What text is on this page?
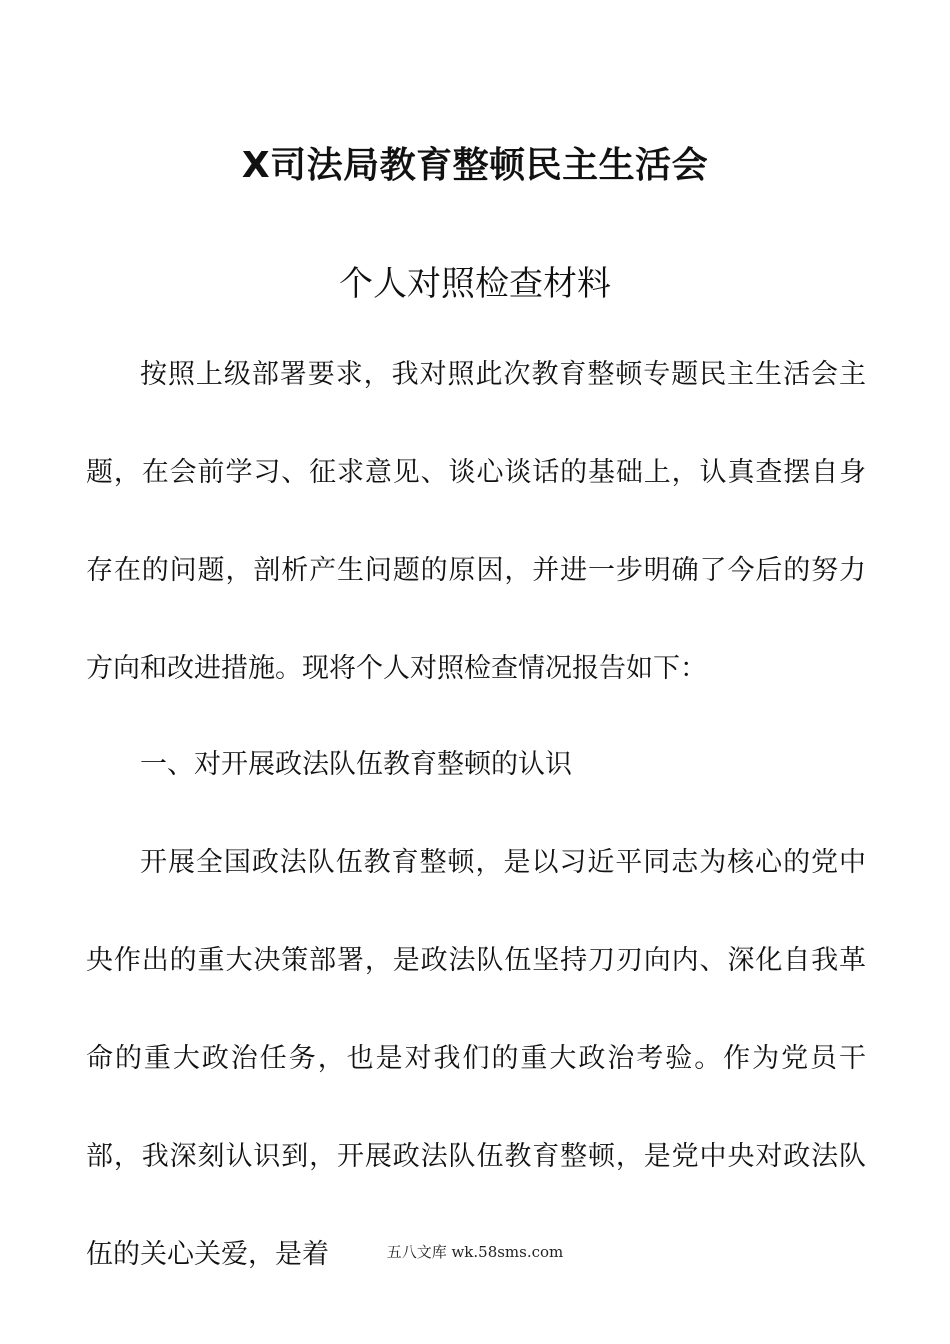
X司法局教育整顿民主生活会
个人对照检查材料

按照上级部署要求，我对照此次教育整顿专题民主生活会主题，在会前学习、征求意见、谈心谈话的基础上，认真查摆自身存在的问题，剖析产生问题的原因，并进一步明确了今后的努力方向和改进措施。现将个人对照检查情况报告如下：

一、对开展政法队伍教育整顿的认识

开展全国政法队伍教育整顿，是以习近平同志为核心的党中央作出的重大决策部署，是政法队伍坚持刀刃向内、深化自我革命的重大政治任务，也是对我们的重大政治考验。作为党员干部，我深刻认识到，开展政法队伍教育整顿，是党中央对政法队伍的关心关爱，是着	五八文库 wk.58sms.com
